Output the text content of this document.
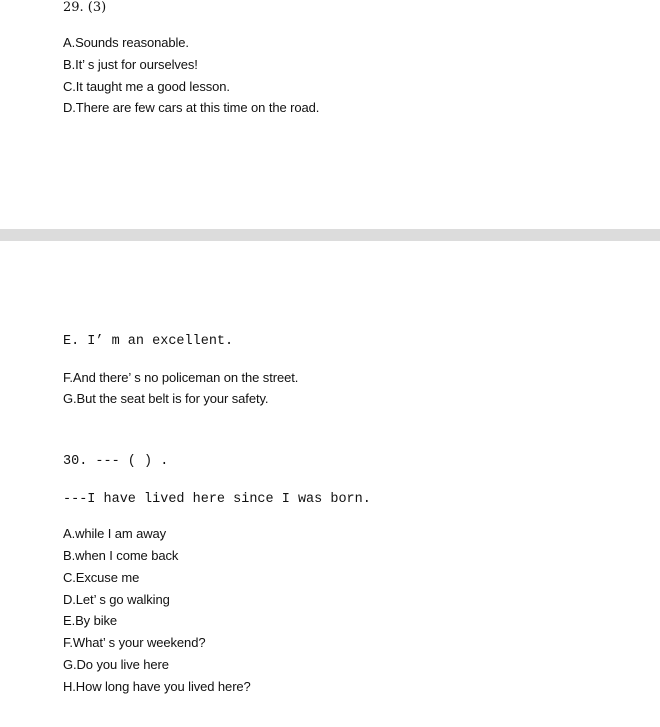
29. (3)
A.Sounds reasonable.
B.It’ s just for ourselves!
C.It taught me a good lesson.
D.There are few cars at this time on the road.
E. I’ m an excellent.
F.And there’ s no policeman on the street.
G.But the seat belt is for your safety.
30. --- ( ) .
---I have lived here since I was born.
A.while I am away
B.when I come back
C.Excuse me
D.Let’ s go walking
E.By bike
F.What’ s your weekend?
G.Do you live here
H.How long have you lived here?
